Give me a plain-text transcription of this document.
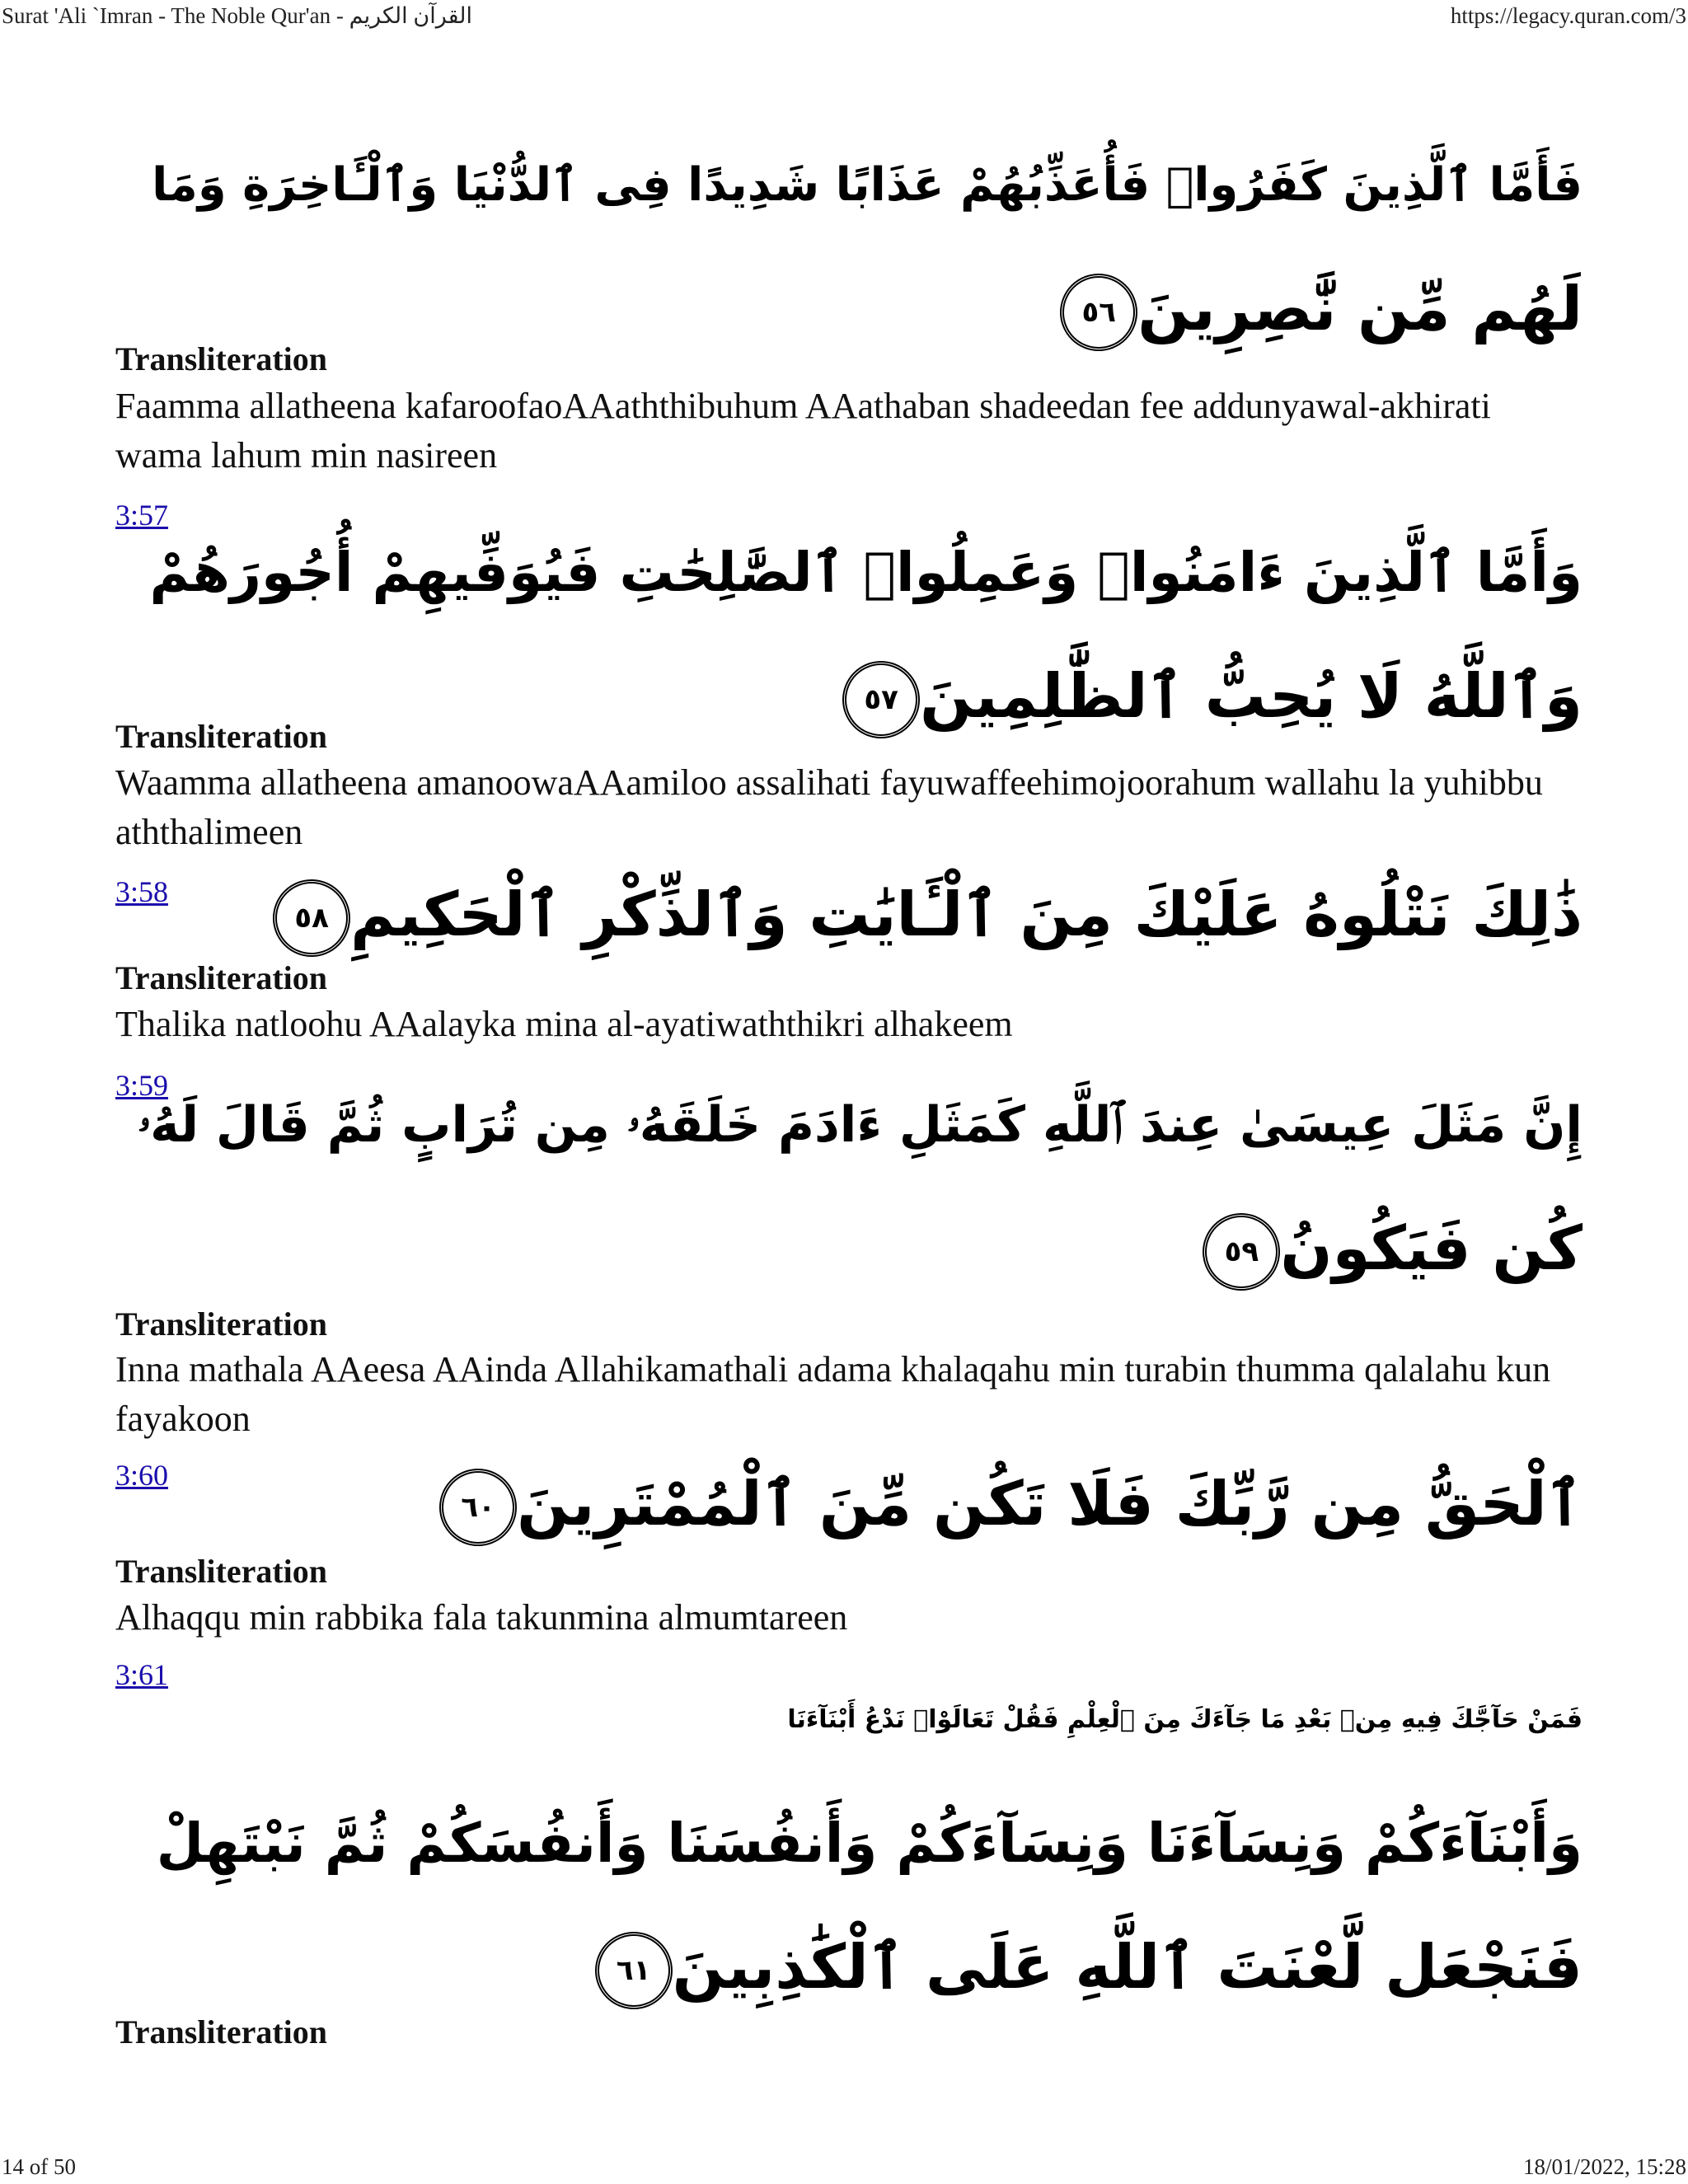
Surat 'Ali `Imran - The Noble Qur'an - القرآن الكريم	https://legacy.quran.com/3
فَأَمَّا ٱلَّذِينَ كَفَرُوا۟ فَأُعَذِّبُهُمْ عَذَابًا شَدِيدًا فِى ٱلدُّنْيَا وَٱلْـَٔاخِرَةِ وَمَا
لَهُم مِّن نَّٰصِرِينَ٥٦
Transliteration
Faamma allatheena kafaroofaoAAaththibuhum AAathaban shadeedan fee addunyawal-akhirati wama lahum min nasireen
3:57
وَأَمَّا ٱلَّذِينَ ءَامَنُوا۟ وَعَمِلُوا۟ ٱلصَّٰلِحَٰتِ فَيُوَفِّيهِمْ أُجُورَهُمْ
وَٱللَّهُ لَا يُحِبُّ ٱلظَّٰلِمِينَ٥٧
Transliteration
Waamma allatheena amanoowaAAamiloo assalihati fayuwaffeehimojoorahum wallahu la yuhibbu aththalimeen
3:58	ذَٰلِكَ نَتْلُوهُ عَلَيْكَ مِنَ ٱلْـَٔايَٰتِ وَٱلذِّكْرِ ٱلْحَكِيمِ٥٨
Transliteration
Thalika natloohu AAalayka mina al-ayatiwaththikri alhakeem
3:59
إِنَّ مَثَلَ عِيسَىٰ عِندَ ٱللَّهِ كَمَثَلِ ءَادَمَ خَلَقَهُۥ مِن تُرَابٍ ثُمَّ قَالَ لَهُۥ
كُن فَيَكُونُ٥٩
Transliteration
Inna mathala AAeesa AAinda Allahikamathali adama khalaqahu min turabin thumma qalalahu kun fayakoon
3:60	ٱلْحَقُّ مِن رَّبِّكَ فَلَا تَكُن مِّنَ ٱلْمُمْتَرِينَ٦٠
Transliteration
Alhaqqu min rabbika fala takunmina almumtareen
3:61
فَمَنْ حَآجَّكَ فِيهِ مِنۢ بَعْدِ مَا جَآءَكَ مِنَ ٱلْعِلْمِ فَقُلْ تَعَالَوْا۟ نَدْعُ أَبْنَآءَنَا
وَأَبْنَآءَكُمْ وَنِسَآءَنَا وَنِسَآءَكُمْ وَأَنفُسَنَا وَأَنفُسَكُمْ ثُمَّ نَبْتَهِلْ
فَنَجْعَل لَّعْنَتَ ٱللَّهِ عَلَى ٱلْكَٰذِبِينَ٦١
Transliteration
14 of 50	18/01/2022, 15:28
